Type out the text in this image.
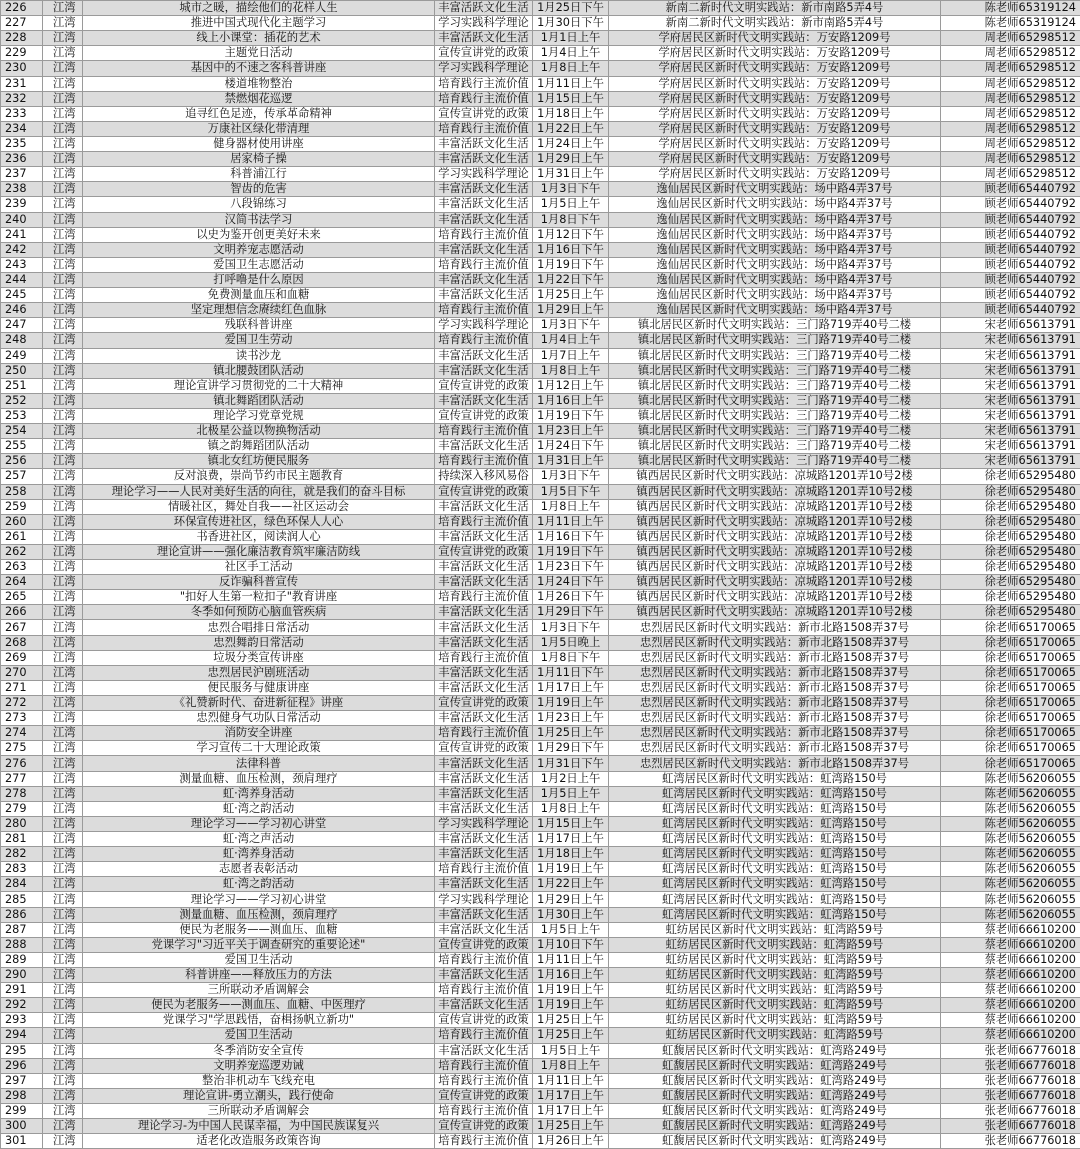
226	江湾	城市之暖，描绘他们的花样人生	丰富活跃文化生活	1月25日下午	新南二新时代文明实践站：新市南路5弄4号	陈老师65319124
227	江湾	推进中国式现代化主题学习	学习实践科学理论	1月30日下午	新南二新时代文明实践站：新市南路5弄4号	陈老师65319124
228	江湾	线上小课堂：插花的艺术	丰富活跃文化生活	1月1日上午	学府居民区新时代文明实践站：万安路1209号	周老师65298512
229	江湾	主题党日活动	宣传宣讲党的政策	1月4日上午	学府居民区新时代文明实践站：万安路1209号	周老师65298512
230	江湾	基因中的不速之客科普讲座	学习实践科学理论	1月8日上午	学府居民区新时代文明实践站：万安路1209号	周老师65298512
231	江湾	楼道堆物整治	培育践行主流价值	1月11日上午	学府居民区新时代文明实践站：万安路1209号	周老师65298512
232	江湾	禁燃烟花巡逻	培育践行主流价值	1月15日上午	学府居民区新时代文明实践站：万安路1209号	周老师65298512
233	江湾	追寻红色足迹，传承革命精神	宣传宣讲党的政策	1月18日上午	学府居民区新时代文明实践站：万安路1209号	周老师65298512
234	江湾	万康社区绿化带清理	培育践行主流价值	1月22日上午	学府居民区新时代文明实践站：万安路1209号	周老师65298512
235	江湾	健身器材使用讲座	丰富活跃文化生活	1月24日上午	学府居民区新时代文明实践站：万安路1209号	周老师65298512
236	江湾	居家椅子操	丰富活跃文化生活	1月29日上午	学府居民区新时代文明实践站：万安路1209号	周老师65298512
237	江湾	科普浦江行	学习实践科学理论	1月31日上午	学府居民区新时代文明实践站：万安路1209号	周老师65298512
238	江湾	智齿的危害	丰富活跃文化生活	1月3日下午	逸仙居民区新时代文明实践站：场中路4弄37号	顾老师65440792
239	江湾	八段锦练习	丰富活跃文化生活	1月5日上午	逸仙居民区新时代文明实践站：场中路4弄37号	顾老师65440792
240	江湾	汉简书法学习	丰富活跃文化生活	1月8日下午	逸仙居民区新时代文明实践站：场中路4弄37号	顾老师65440792
241	江湾	以史为鉴开创更美好未来	培育践行主流价值	1月12日下午	逸仙居民区新时代文明实践站：场中路4弄37号	顾老师65440792
242	江湾	文明养宠志愿活动	丰富活跃文化生活	1月16日下午	逸仙居民区新时代文明实践站：场中路4弄37号	顾老师65440792
243	江湾	爱国卫生志愿活动	培育践行主流价值	1月19日下午	逸仙居民区新时代文明实践站：场中路4弄37号	顾老师65440792
244	江湾	打呼噜是什么原因	丰富活跃文化生活	1月22日下午	逸仙居民区新时代文明实践站：场中路4弄37号	顾老师65440792
245	江湾	免费测量血压和血糖	丰富活跃文化生活	1月25日上午	逸仙居民区新时代文明实践站：场中路4弄37号	顾老师65440792
246	江湾	坚定理想信念赓续红色血脉	培育践行主流价值	1月29日上午	逸仙居民区新时代文明实践站：场中路4弄37号	顾老师65440792
247	江湾	残联科普讲座	学习实践科学理论	1月3日下午	镇北居民区新时代文明实践站：三门路719弄40号二楼	宋老师65613791
248	江湾	爱国卫生劳动	培育践行主流价值	1月4日上午	镇北居民区新时代文明实践站：三门路719弄40号二楼	宋老师65613791
249	江湾	读书沙龙	丰富活跃文化生活	1月7日上午	镇北居民区新时代文明实践站：三门路719弄40号二楼	宋老师65613791
250	江湾	镇北腰鼓团队活动	丰富活跃文化生活	1月8日上午	镇北居民区新时代文明实践站：三门路719弄40号二楼	宋老师65613791
251	江湾	理论宣讲学习贯彻党的二十大精神	宣传宣讲党的政策	1月12日上午	镇北居民区新时代文明实践站：三门路719弄40号二楼	宋老师65613791
252	江湾	镇北舞蹈团队活动	丰富活跃文化生活	1月16日上午	镇北居民区新时代文明实践站：三门路719弄40号二楼	宋老师65613791
253	江湾	理论学习党章党规	宣传宣讲党的政策	1月19日下午	镇北居民区新时代文明实践站：三门路719弄40号二楼	宋老师65613791
254	江湾	北极星公益以物换物活动	培育践行主流价值	1月23日上午	镇北居民区新时代文明实践站：三门路719弄40号二楼	宋老师65613791
255	江湾	镇之韵舞蹈团队活动	丰富活跃文化生活	1月24日下午	镇北居民区新时代文明实践站：三门路719弄40号二楼	宋老师65613791
256	江湾	镇北女红坊便民服务	培育践行主流价值	1月31日上午	镇北居民区新时代文明实践站：三门路719弄40号二楼	宋老师65613791
257	江湾	反对浪费，崇尚节约市民主题教育	持续深入移风易俗	1月3日下午	镇西居民区新时代文明实践站：凉城路1201弄10号2楼	徐老师65295480
258	江湾	理论学习——人民对美好生活的向往，就是我们的奋斗目标	宣传宣讲党的政策	1月5日下午	镇西居民区新时代文明实践站：凉城路1201弄10号2楼	徐老师65295480
259	江湾	情暖社区，舞处自我——社区运动会	丰富活跃文化生活	1月8日上午	镇西居民区新时代文明实践站：凉城路1201弄10号2楼	徐老师65295480
260	江湾	环保宣传进社区，绿色环保人人心	培育践行主流价值	1月11日上午	镇西居民区新时代文明实践站：凉城路1201弄10号2楼	徐老师65295480
261	江湾	书香进社区，阅读润人心	丰富活跃文化生活	1月16日下午	镇西居民区新时代文明实践站：凉城路1201弄10号2楼	徐老师65295480
262	江湾	理论宣讲——强化廉洁教育筑牢廉洁防线	宣传宣讲党的政策	1月19日下午	镇西居民区新时代文明实践站：凉城路1201弄10号2楼	徐老师65295480
263	江湾	社区手工活动	丰富活跃文化生活	1月23日下午	镇西居民区新时代文明实践站：凉城路1201弄10号2楼	徐老师65295480
264	江湾	反诈骗科普宣传	丰富活跃文化生活	1月24日下午	镇西居民区新时代文明实践站：凉城路1201弄10号2楼	徐老师65295480
265	江湾	"扣好人生第一粒扣子"教育讲座	培育践行主流价值	1月26日下午	镇西居民区新时代文明实践站：凉城路1201弄10号2楼	徐老师65295480
266	江湾	冬季如何预防心脑血管疾病	丰富活跃文化生活	1月29日下午	镇西居民区新时代文明实践站：凉城路1201弄10号2楼	徐老师65295480
267	江湾	忠烈合唱排日常活动	丰富活跃文化生活	1月3日下午	忠烈居民区新时代文明实践站：新市北路1508弄37号	徐老师65170065
268	江湾	忠烈舞韵日常活动	丰富活跃文化生活	1月5日晚上	忠烈居民区新时代文明实践站：新市北路1508弄37号	徐老师65170065
269	江湾	垃圾分类宣传讲座	培育践行主流价值	1月8日下午	忠烈居民区新时代文明实践站：新市北路1508弄37号	徐老师65170065
270	江湾	忠烈居民沪剧班活动	丰富活跃文化生活	1月11日下午	忠烈居民区新时代文明实践站：新市北路1508弄37号	徐老师65170065
271	江湾	便民服务与健康讲座	丰富活跃文化生活	1月17日上午	忠烈居民区新时代文明实践站：新市北路1508弄37号	徐老师65170065
272	江湾	《礼赞新时代、奋进新征程》讲座	宣传宣讲党的政策	1月19日上午	忠烈居民区新时代文明实践站：新市北路1508弄37号	徐老师65170065
273	江湾	忠烈健身气功队日常活动	丰富活跃文化生活	1月23日上午	忠烈居民区新时代文明实践站：新市北路1508弄37号	徐老师65170065
274	江湾	消防安全讲座	培育践行主流价值	1月25日上午	忠烈居民区新时代文明实践站：新市北路1508弄37号	徐老师65170065
275	江湾	学习宣传二十大理论政策	宣传宣讲党的政策	1月29日下午	忠烈居民区新时代文明实践站：新市北路1508弄37号	徐老师65170065
276	江湾	法律科普	丰富活跃文化生活	1月31日下午	忠烈居民区新时代文明实践站：新市北路1508弄37号	徐老师65170065
277	江湾	测量血糖、血压检测，颈肩理疗	丰富活跃文化生活	1月2日上午	虹湾居民区新时代文明实践站：虹湾路150号	陈老师56206055
278	江湾	虹·湾养身活动	丰富活跃文化生活	1月5日上午	虹湾居民区新时代文明实践站：虹湾路150号	陈老师56206055
279	江湾	虹·湾之韵活动	丰富活跃文化生活	1月8日上午	虹湾居民区新时代文明实践站：虹湾路150号	陈老师56206055
280	江湾	理论学习——学习初心讲堂	学习实践科学理论	1月15日上午	虹湾居民区新时代文明实践站：虹湾路150号	陈老师56206055
281	江湾	虹·湾之声活动	丰富活跃文化生活	1月17日上午	虹湾居民区新时代文明实践站：虹湾路150号	陈老师56206055
282	江湾	虹·湾养身活动	丰富活跃文化生活	1月18日上午	虹湾居民区新时代文明实践站：虹湾路150号	陈老师56206055
283	江湾	志愿者表彰活动	培育践行主流价值	1月19日上午	虹湾居民区新时代文明实践站：虹湾路150号	陈老师56206055
284	江湾	虹·湾之韵活动	丰富活跃文化生活	1月22日上午	虹湾居民区新时代文明实践站：虹湾路150号	陈老师56206055
285	江湾	理论学习——学习初心讲堂	学习实践科学理论	1月29日上午	虹湾居民区新时代文明实践站：虹湾路150号	陈老师56206055
286	江湾	测量血糖、血压检测，颈肩理疗	丰富活跃文化生活	1月30日上午	虹湾居民区新时代文明实践站：虹湾路150号	陈老师56206055
287	江湾	便民为老服务——测血压、血糖	丰富活跃文化生活	1月5日上午	虹纺居民区新时代文明实践站：虹湾路59号	蔡老师66610200
288	江湾	党课学习"习近平关于调查研究的重要论述"	宣传宣讲党的政策	1月10日下午	虹纺居民区新时代文明实践站：虹湾路59号	蔡老师66610200
289	江湾	爱国卫生活动	培育践行主流价值	1月11日上午	虹纺居民区新时代文明实践站：虹湾路59号	蔡老师66610200
290	江湾	科普讲座——释放压力的方法	丰富活跃文化生活	1月16日上午	虹纺居民区新时代文明实践站：虹湾路59号	蔡老师66610200
291	江湾	三所联动矛盾调解会	培育践行主流价值	1月19日上午	虹纺居民区新时代文明实践站：虹湾路59号	蔡老师66610200
292	江湾	便民为老服务——测血压、血糖、中医理疗	丰富活跃文化生活	1月19日上午	虹纺居民区新时代文明实践站：虹湾路59号	蔡老师66610200
293	江湾	党课学习"学思践悟，奋楫扬帆立新功"	宣传宣讲党的政策	1月25日上午	虹纺居民区新时代文明实践站：虹湾路59号	蔡老师66610200
294	江湾	爱国卫生活动	培育践行主流价值	1月25日上午	虹纺居民区新时代文明实践站：虹湾路59号	蔡老师66610200
295	江湾	冬季消防安全宣传	丰富活跃文化生活	1月5日上午	虹馥居民区新时代文明实践站：虹湾路249号	张老师66776018
296	江湾	文明养宠巡逻劝诫	培育践行主流价值	1月8日上午	虹馥居民区新时代文明实践站：虹湾路249号	张老师66776018
297	江湾	整治非机动车飞线充电	培育践行主流价值	1月11日上午	虹馥居民区新时代文明实践站：虹湾路249号	张老师66776018
298	江湾	理论宣讲-勇立潮头，践行使命	宣传宣讲党的政策	1月17日上午	虹馥居民区新时代文明实践站：虹湾路249号	张老师66776018
299	江湾	三所联动矛盾调解会	培育践行主流价值	1月17日上午	虹馥居民区新时代文明实践站：虹湾路249号	张老师66776018
300	江湾	理论学习-为中国人民谋幸福，为中国民族谋复兴	宣传宣讲党的政策	1月25日上午	虹馥居民区新时代文明实践站：虹湾路249号	张老师66776018
301	江湾	适老化改造服务政策咨询	培育践行主流价值	1月26日上午	虹馥居民区新时代文明实践站：虹湾路249号	张老师66776018
